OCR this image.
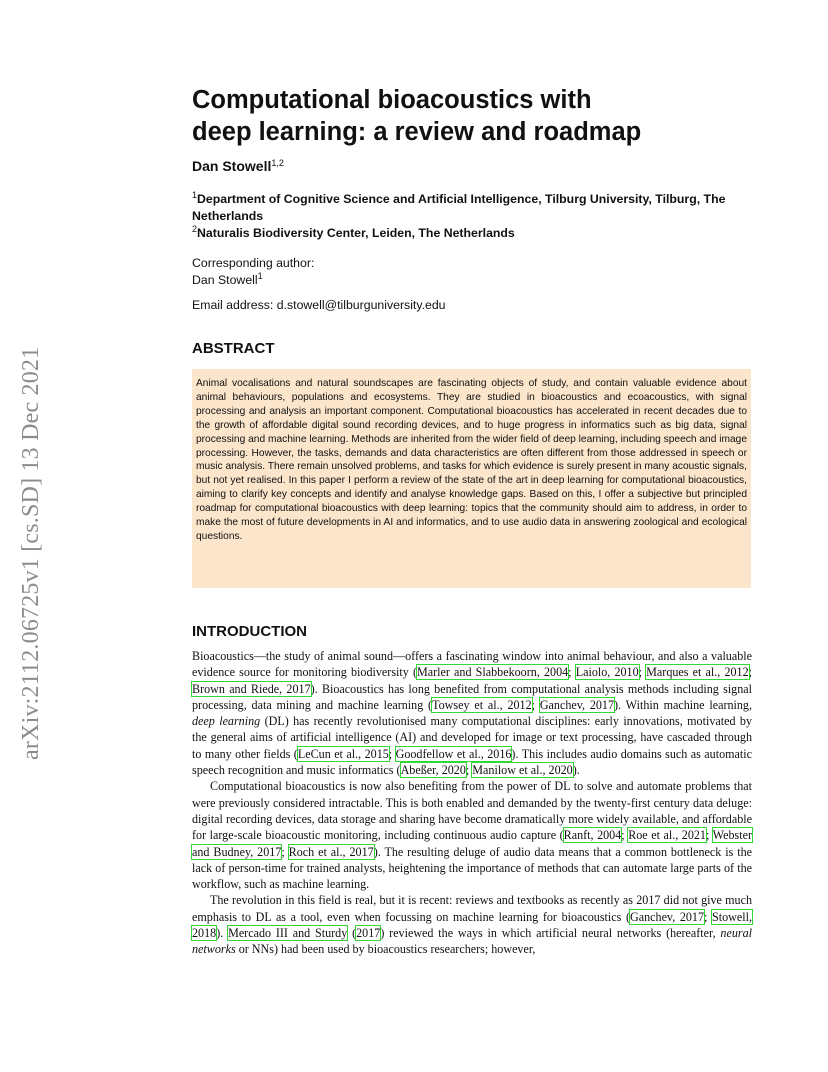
arXiv:2112.06725v1 [cs.SD] 13 Dec 2021
Computational bioacoustics with
deep learning: a review and roadmap
Dan Stowell$^{1,2}$
$^1$Department of Cognitive Science and Artificial Intelligence, Tilburg University, Tilburg, The Netherlands
$^2$Naturalis Biodiversity Center, Leiden, The Netherlands
Corresponding author:
Dan Stowell$^1$
Email address: d.stowell@tilburguniversity.edu
ABSTRACT
Animal vocalisations and natural soundscapes are fascinating objects of study, and contain valuable evidence about animal behaviours, populations and ecosystems. They are studied in bioacoustics and ecoacoustics, with signal processing and analysis an important component. Computational bioacoustics has accelerated in recent decades due to the growth of affordable digital sound recording devices, and to huge progress in informatics such as big data, signal processing and machine learning. Methods are inherited from the wider field of deep learning, including speech and image processing. However, the tasks, demands and data characteristics are often different from those addressed in speech or music analysis. There remain unsolved problems, and tasks for which evidence is surely present in many acoustic signals, but not yet realised. In this paper I perform a review of the state of the art in deep learning for computational bioacoustics, aiming to clarify key concepts and identify and analyse knowledge gaps. Based on this, I offer a subjective but principled roadmap for computational bioacoustics with deep learning: topics that the community should aim to address, in order to make the most of future developments in AI and informatics, and to use audio data in answering zoological and ecological questions.
INTRODUCTION

Bioacoustics—the study of animal sound—offers a fascinating window into animal behaviour, and also a valuable evidence source for monitoring biodiversity (Marler and Slabbekoorn, 2004; Laiolo, 2010; Marques et al., 2012; Brown and Riede, 2017). Bioacoustics has long benefited from computational analysis methods including signal processing, data mining and machine learning (Towsey et al., 2012; Ganchev, 2017). Within machine learning, deep learning (DL) has recently revolutionised many computational disciplines: early innovations, motivated by the general aims of artificial intelligence (AI) and developed for image or text processing, have cascaded through to many other fields (LeCun et al., 2015; Goodfellow et al., 2016). This includes audio domains such as automatic speech recognition and music informatics (Abeßer, 2020; Manilow et al., 2020).

Computational bioacoustics is now also benefiting from the power of DL to solve and automate problems that were previously considered intractable. This is both enabled and demanded by the twenty-first century data deluge: digital recording devices, data storage and sharing have become dramatically more widely available, and affordable for large-scale bioacoustic monitoring, including continuous audio capture (Ranft, 2004; Roe et al., 2021; Webster and Budney, 2017; Roch et al., 2017). The resulting deluge of audio data means that a common bottleneck is the lack of person-time for trained analysts, heightening the importance of methods that can automate large parts of the workflow, such as machine learning.

The revolution in this field is real, but it is recent: reviews and textbooks as recently as 2017 did not give much emphasis to DL as a tool, even when focussing on machine learning for bioacoustics (Ganchev, 2017; Stowell, 2018). Mercado III and Sturdy (2017) reviewed the ways in which artificial neural networks (hereafter, neural networks or NNs) had been used by bioacoustics researchers; however,
